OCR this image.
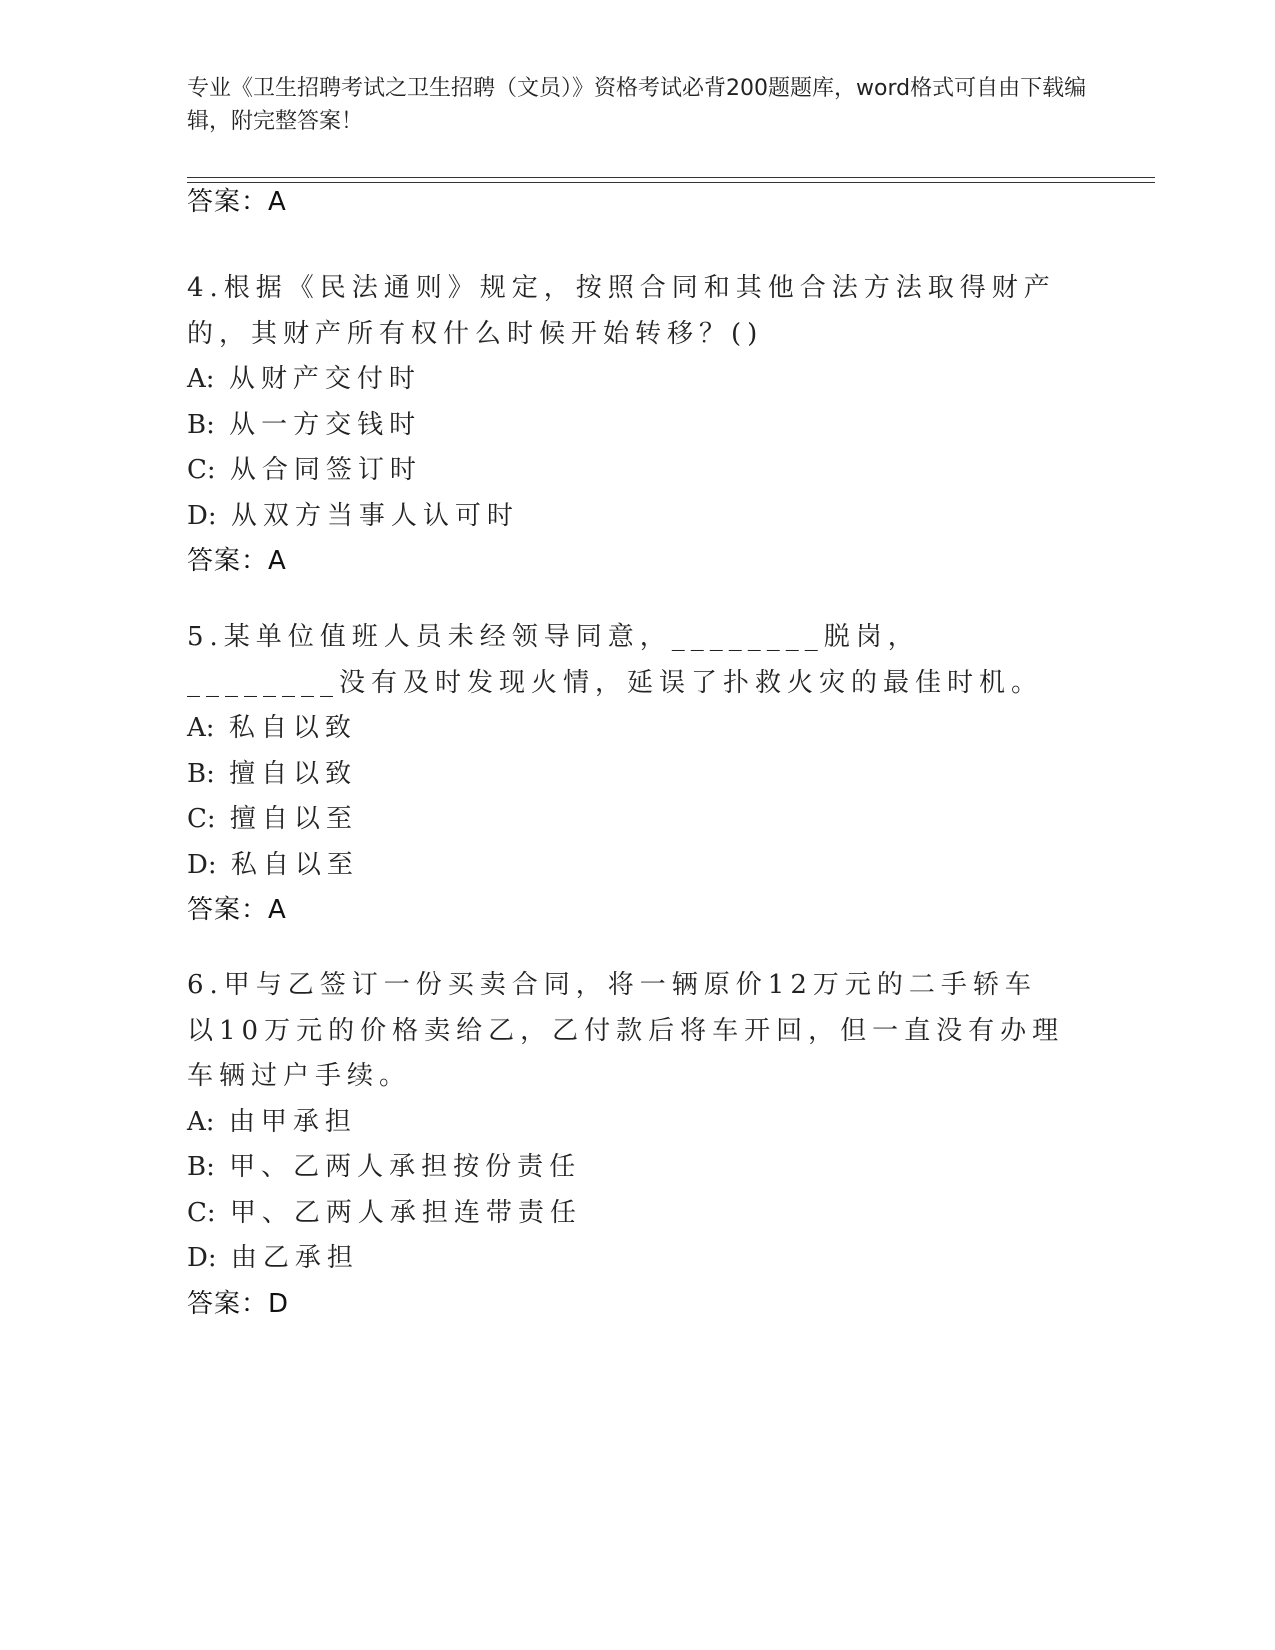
专业《卫生招聘考试之卫生招聘（文员）》资格考试必背200题题库，word格式可自由下载编辑，附完整答案！
答案：A
4.根据《民法通则》规定，按照合同和其他合法方法取得财产的，其财产所有权什么时候开始转移？()
A: 从财产交付时
B: 从一方交钱时
C: 从合同签订时
D: 从双方当事人认可时
答案：A
5.某单位值班人员未经领导同意，________脱岗，________没有及时发现火情，延误了扑救火灾的最佳时机。
A: 私自以致
B: 擅自以致
C: 擅自以至
D: 私自以至
答案：A
6.甲与乙签订一份买卖合同，将一辆原价12万元的二手轿车以10万元的价格卖给乙，乙付款后将车开回，但一直没有办理车辆过户手续。
A: 由甲承担
B: 甲、乙两人承担按份责任
C: 甲、乙两人承担连带责任
D: 由乙承担
答案：D
